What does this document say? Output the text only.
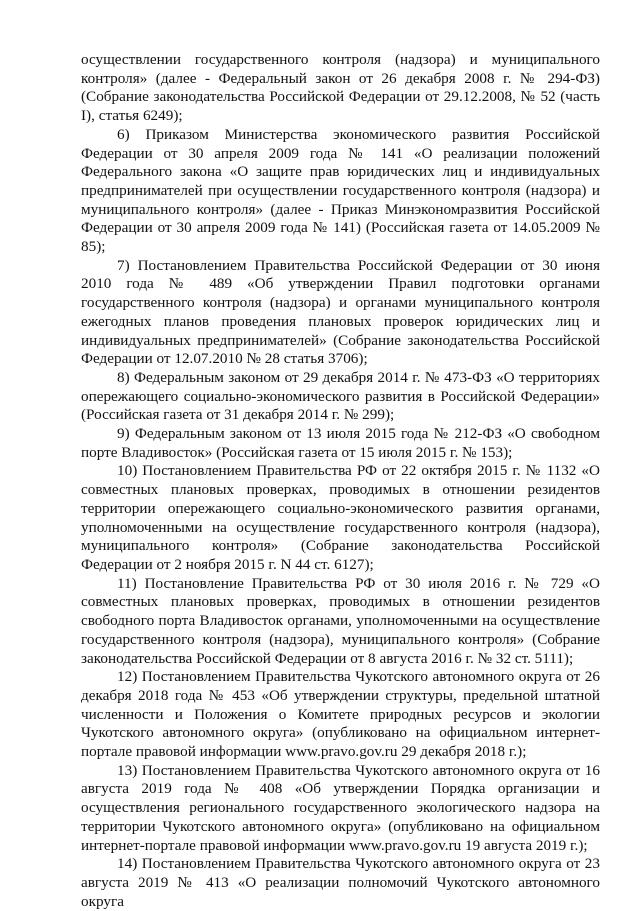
осуществлении государственного контроля (надзора) и муниципального контроля» (далее - Федеральный закон от 26 декабря 2008 г. № 294-ФЗ) (Собрание законодательства Российской Федерации от 29.12.2008, № 52 (часть I), статья 6249);

6) Приказом Министерства экономического развития Российской Федерации от 30 апреля 2009 года № 141 «О реализации положений Федерального закона «О защите прав юридических лиц и индивидуальных предпринимателей при осуществлении государственного контроля (надзора) и муниципального контроля» (далее - Приказ Минэкономразвития Российской Федерации от 30 апреля 2009 года № 141) (Российская газета от 14.05.2009 № 85);

7) Постановлением Правительства Российской Федерации от 30 июня 2010 года № 489 «Об утверждении Правил подготовки органами государственного контроля (надзора) и органами муниципального контроля ежегодных планов проведения плановых проверок юридических лиц и индивидуальных предпринимателей» (Собрание законодательства Российской Федерации от 12.07.2010 № 28 статья 3706);

8) Федеральным законом от 29 декабря 2014 г. № 473-ФЗ «О территориях опережающего социально-экономического развития в Российской Федерации» (Российская газета от 31 декабря 2014 г. № 299);

9) Федеральным законом от 13 июля 2015 года № 212-ФЗ «О свободном порте Владивосток» (Российская газета от 15 июля 2015 г. № 153);

10) Постановлением Правительства РФ от 22 октября 2015 г. № 1132 «О совместных плановых проверках, проводимых в отношении резидентов территории опережающего социально-экономического развития органами, уполномоченными на осуществление государственного контроля (надзора), муниципального контроля» (Собрание законодательства Российской Федерации от 2 ноября 2015 г. N 44 ст. 6127);

11) Постановление Правительства РФ от 30 июля 2016 г. № 729 «О совместных плановых проверках, проводимых в отношении резидентов свободного порта Владивосток органами, уполномоченными на осуществление государственного контроля (надзора), муниципального контроля» (Собрание законодательства Российской Федерации от 8 августа 2016 г. № 32 ст. 5111);

12) Постановлением Правительства Чукотского автономного округа от 26 декабря 2018 года № 453 «Об утверждении структуры, предельной штатной численности и Положения о Комитете природных ресурсов и экологии Чукотского автономного округа» (опубликовано на официальном интернет-портале правовой информации www.pravo.gov.ru 29 декабря 2018 г.);

13) Постановлением Правительства Чукотского автономного округа от 16 августа 2019 года № 408 «Об утверждении Порядка организации и осуществления регионального государственного экологического надзора на территории Чукотского автономного округа» (опубликовано на официальном интернет-портале правовой информации www.pravo.gov.ru 19 августа 2019 г.);

14) Постановлением Правительства Чукотского автономного округа от 23 августа 2019 № 413 «О реализации полномочий Чукотского автономного округа
